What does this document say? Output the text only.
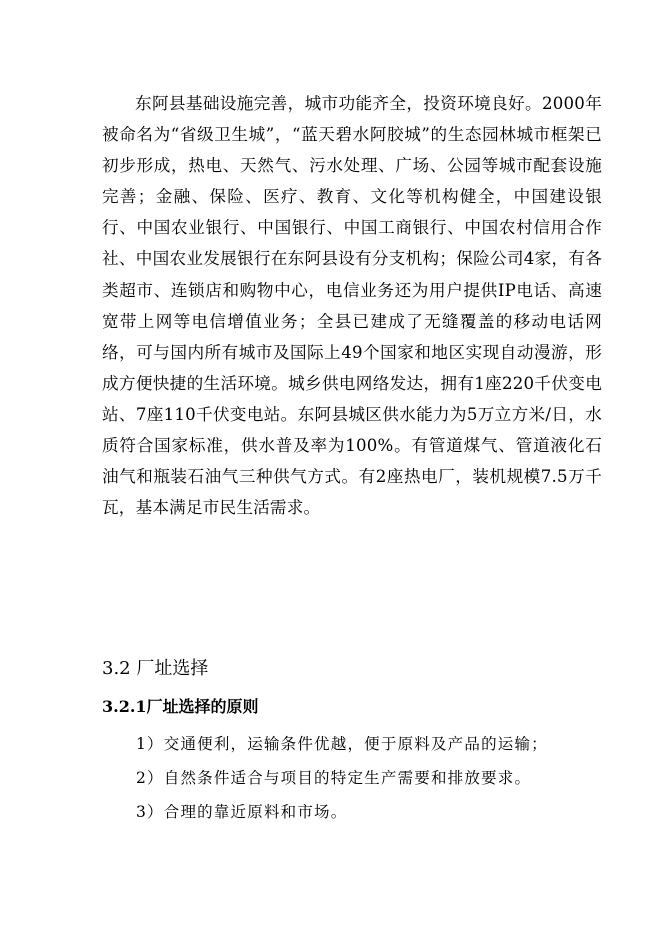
东阿县基础设施完善，城市功能齐全，投资环境良好。2000年被命名为“省级卫生城”，“蓝天碧水阿胶城”的生态园林城市框架已初步形成，热电、天然气、污水处理、广场、公园等城市配套设施完善；金融、保险、医疗、教育、文化等机构健全，中国建设银行、中国农业银行、中国银行、中国工商银行、中国农村信用合作社、中国农业发展银行在东阿县设有分支机构；保险公司4家，有各类超市、连锁店和购物中心，电信业务还为用户提供IP电话、高速宽带上网等电信增值业务；全县已建成了无缝覆盖的移动电话网络，可与国内所有城市及国际上49个国家和地区实现自动漫游，形成方便快捷的生活环境。城乡供电网络发达，拥有1座220千伏变电站、7座110千伏变电站。东阿县城区供水能力为5万立方米/日，水质符合国家标准，供水普及率为100%。有管道煤气、管道液化石油气和瓶装石油气三种供气方式。有2座热电厂，装机规模7.5万千瓦，基本满足市民生活需求。

3.2 厂址选择
3.2.1厂址选择的原则
1）交通便利，运输条件优越，便于原料及产品的运输；
2）自然条件适合与项目的特定生产需要和排放要求。
3）合理的靠近原料和市场。
